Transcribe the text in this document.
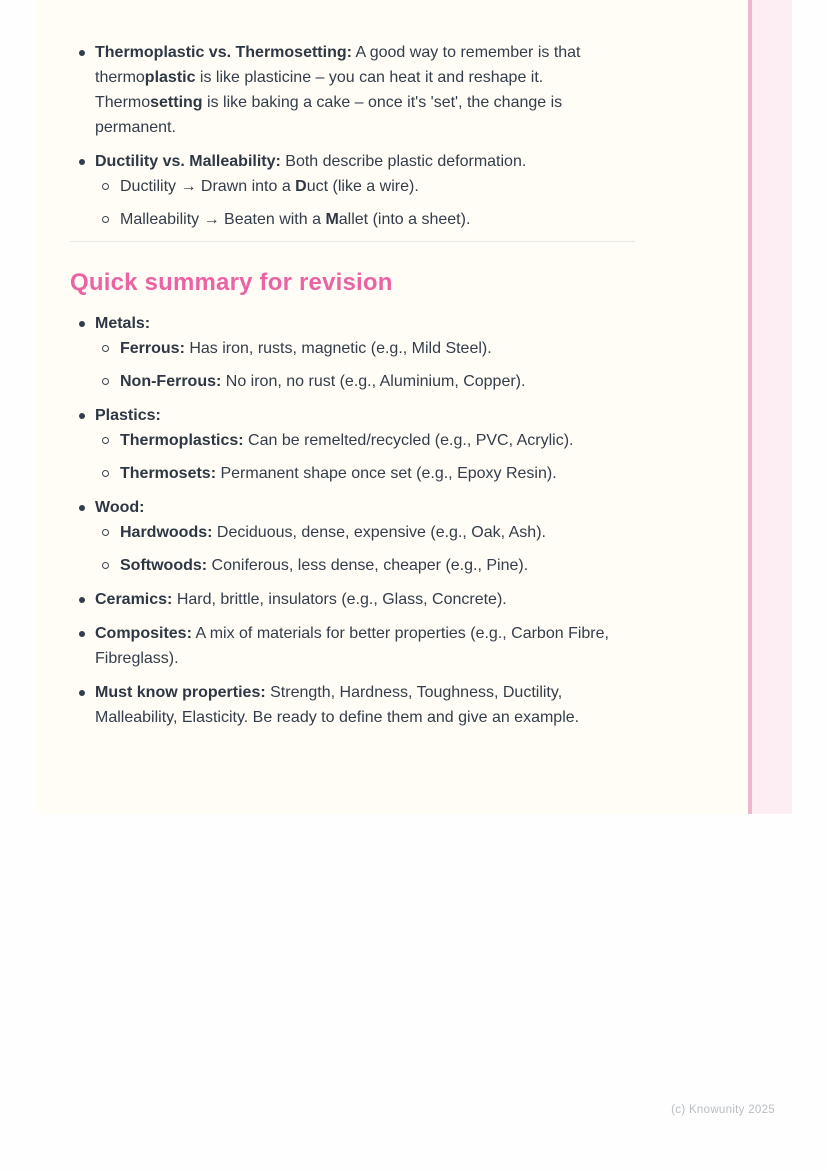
Thermoplastic vs. Thermosetting: A good way to remember is that
thermoplastic is like plasticine – you can heat it and reshape it.
Thermosetting is like baking a cake – once it's 'set', the change is
permanent.
Ductility vs. Malleability: Both describe plastic deformation.
Ductility → Drawn into a Duct (like a wire).
Malleability → Beaten with a Mallet (into a sheet).
Quick summary for revision
Metals:
Ferrous: Has iron, rusts, magnetic (e.g., Mild Steel).
Non-Ferrous: No iron, no rust (e.g., Aluminium, Copper).
Plastics:
Thermoplastics: Can be remelted/recycled (e.g., PVC, Acrylic).
Thermosets: Permanent shape once set (e.g., Epoxy Resin).
Wood:
Hardwoods: Deciduous, dense, expensive (e.g., Oak, Ash).
Softwoods: Coniferous, less dense, cheaper (e.g., Pine).
Ceramics: Hard, brittle, insulators (e.g., Glass, Concrete).
Composites: A mix of materials for better properties (e.g., Carbon Fibre,
Fibreglass).
Must know properties: Strength, Hardness, Toughness, Ductility,
Malleability, Elasticity. Be ready to define them and give an example.
(c) Knowunity 2025
